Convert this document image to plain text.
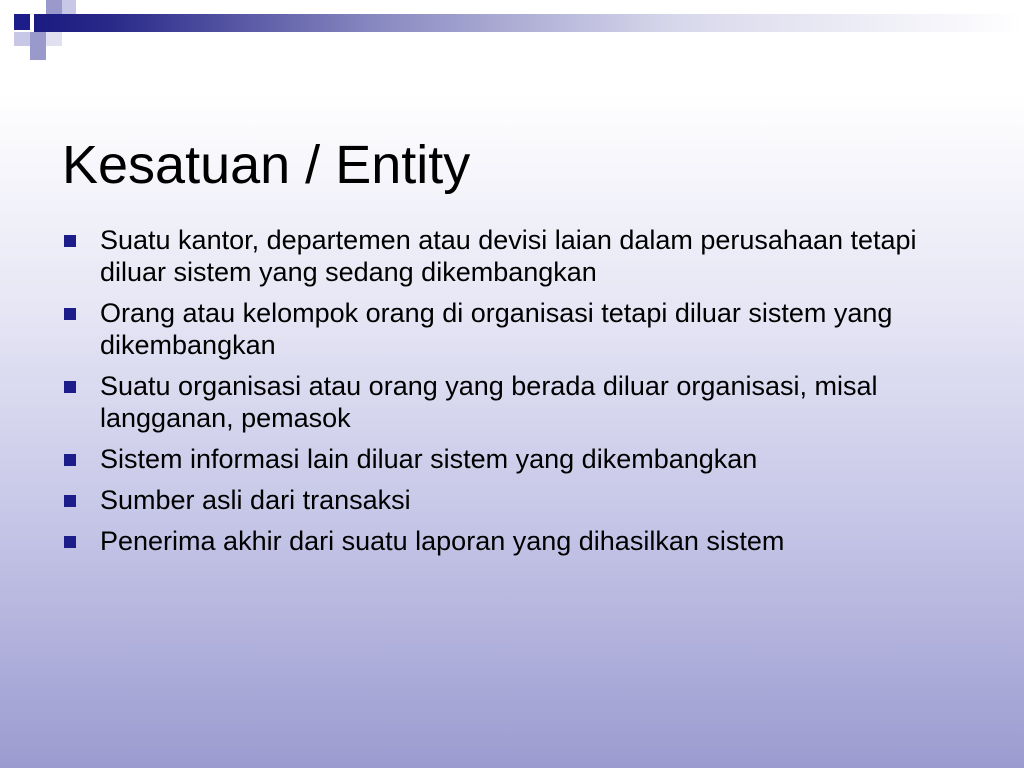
Kesatuan / Entity
Suatu kantor, departemen atau devisi laian dalam perusahaan tetapi diluar sistem yang sedang dikembangkan
Orang atau kelompok orang di organisasi tetapi diluar sistem yang dikembangkan
Suatu organisasi atau orang yang berada diluar organisasi, misal langganan, pemasok
Sistem informasi lain diluar sistem yang dikembangkan
Sumber asli dari transaksi
Penerima akhir dari suatu laporan yang dihasilkan sistem
